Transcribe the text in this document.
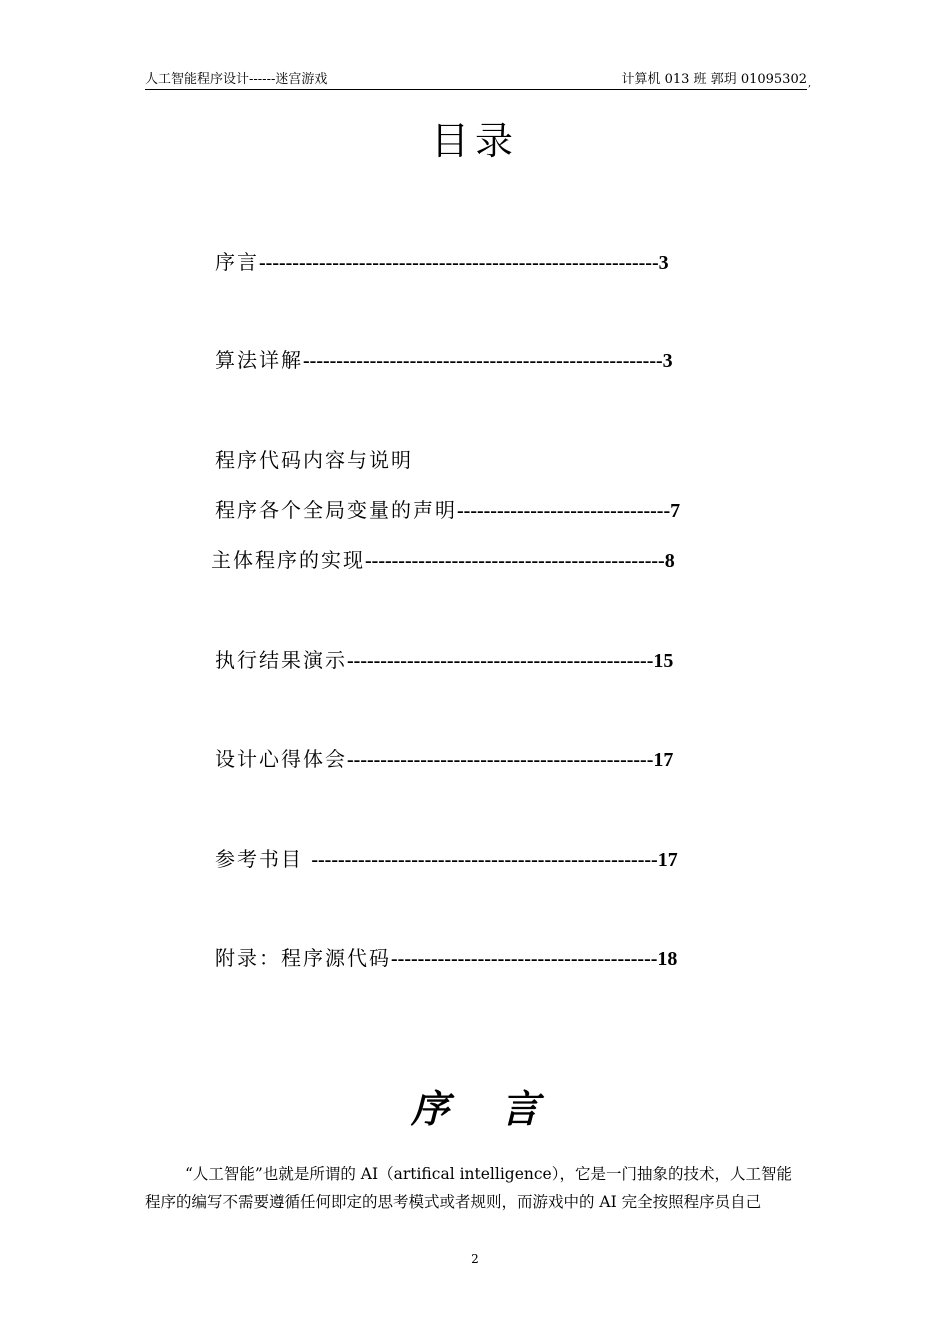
人工智能程序设计------迷宫游戏	计算机 013 班 郭玥 01095302 ,
目录
序言------------------------------------------------------------3
算法详解------------------------------------------------------3
程序代码内容与说明
程序各个全局变量的声明--------------------------------7
主体程序的实现---------------------------------------------8
执行结果演示----------------------------------------------15
设计心得体会----------------------------------------------17
参考书目 ----------------------------------------------------17
附录：程序源代码----------------------------------------18
序 言
“人工智能”也就是所谓的 AI（artifical intelligence），它是一门抽象的技术，人工智能
程序的编写不需要遵循任何即定的思考模式或者规则，而游戏中的 AI 完全按照程序员自己
2
